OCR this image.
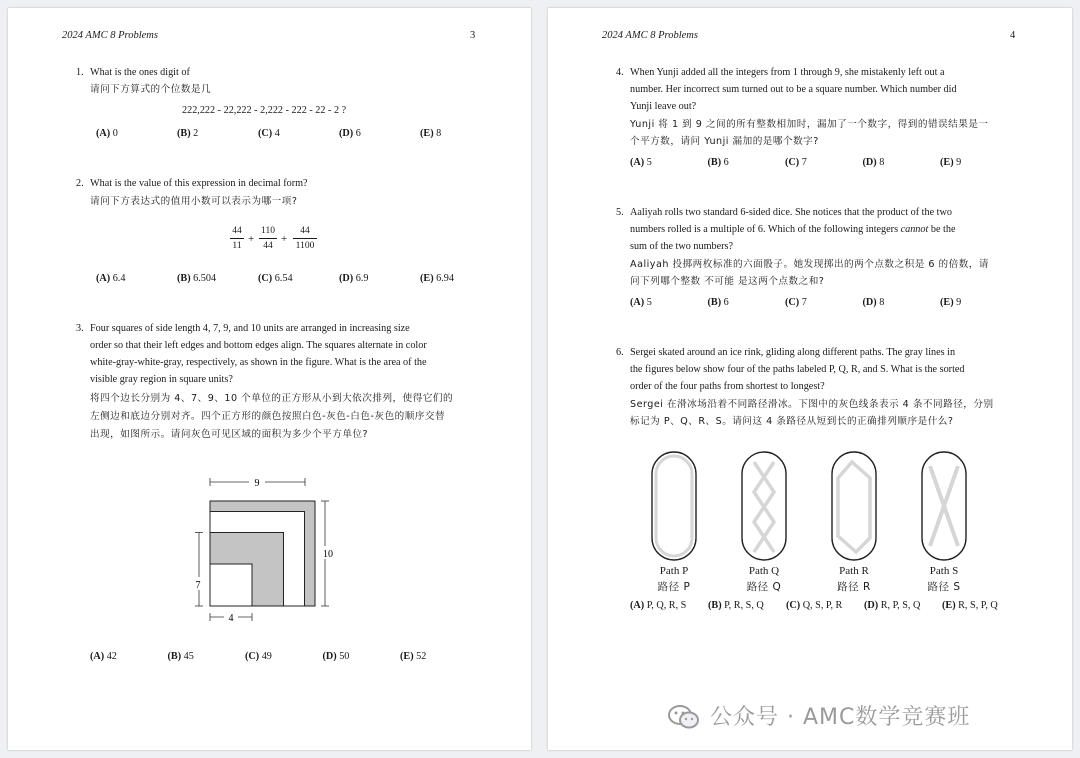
2024 AMC 8 Problems	3
1. What is the ones digit of
请问下方算式的个位数是几
222,222 - 22,222 - 2,222 - 222 - 22 - 2 ?
(A) 0	(B) 2	(C) 4	(D) 6	(E) 8
2. What is the value of this expression in decimal form?
请问下方表达式的值用小数可以表示为哪一项?
44
11
+
110
44
+
44
1100
(A) 6.4	(B) 6.504	(C) 6.54	(D) 6.9	(E) 6.94
3. Four squares of side length 4, 7, 9, and 10 units are arranged in increasing size
order so that their left edges and bottom edges align. The squares alternate in color
white-gray-white-gray, respectively, as shown in the figure. What is the area of the
visible gray region in square units?
将四个边长分别为 4、7、9、10 个单位的正方形从小到大依次排列，使得它们的
左侧边和底边分别对齐。四个正方形的颜色按照白色-灰色-白色-灰色的顺序交替
出现，如图所示。请问灰色可见区域的面积为多少个平方单位?
9
10
7
4
(A) 42	(B) 45	(C) 49	(D) 50	(E) 52
2024 AMC 8 Problems	4
4. When Yunji added all the integers from 1 through 9, she mistakenly left out a
number. Her incorrect sum turned out to be a square number. Which number did
Yunji leave out?
Yunji 将 1 到 9 之间的所有整数相加时，漏加了一个数字，得到的错误结果是一
个平方数，请问 Yunji 漏加的是哪个数字?
(A) 5	(B) 6	(C) 7	(D) 8	(E) 9
5. Aaliyah rolls two standard 6-sided dice. She notices that the product of the two
numbers rolled is a multiple of 6. Which of the following integers cannot be the
sum of the two numbers?
Aaliyah 投掷两枚标准的六面骰子。她发现掷出的两个点数之积是 6 的倍数，请
问下列哪个整数 不可能 是这两个点数之和?
(A) 5	(B) 6	(C) 7	(D) 8	(E) 9
6. Sergei skated around an ice rink, gliding along different paths. The gray lines in
the figures below show four of the paths labeled P, Q, R, and S. What is the sorted
order of the four paths from shortest to longest?
Sergei 在滑冰场沿着不同路径滑冰。下图中的灰色线条表示 4 条不同路径，分别
标记为 P、Q、R、S。请问这 4 条路径从短到长的正确排列顺序是什么?
Path P
路径 P
Path Q
路径 Q
Path R
路径 R
Path S
路径 S
(A) P, Q, R, S (B) P, R, S, Q (C) Q, S, P, R (D) R, P, S, Q (E) R, S, P, Q
公众号 · AMC数学竞赛班
